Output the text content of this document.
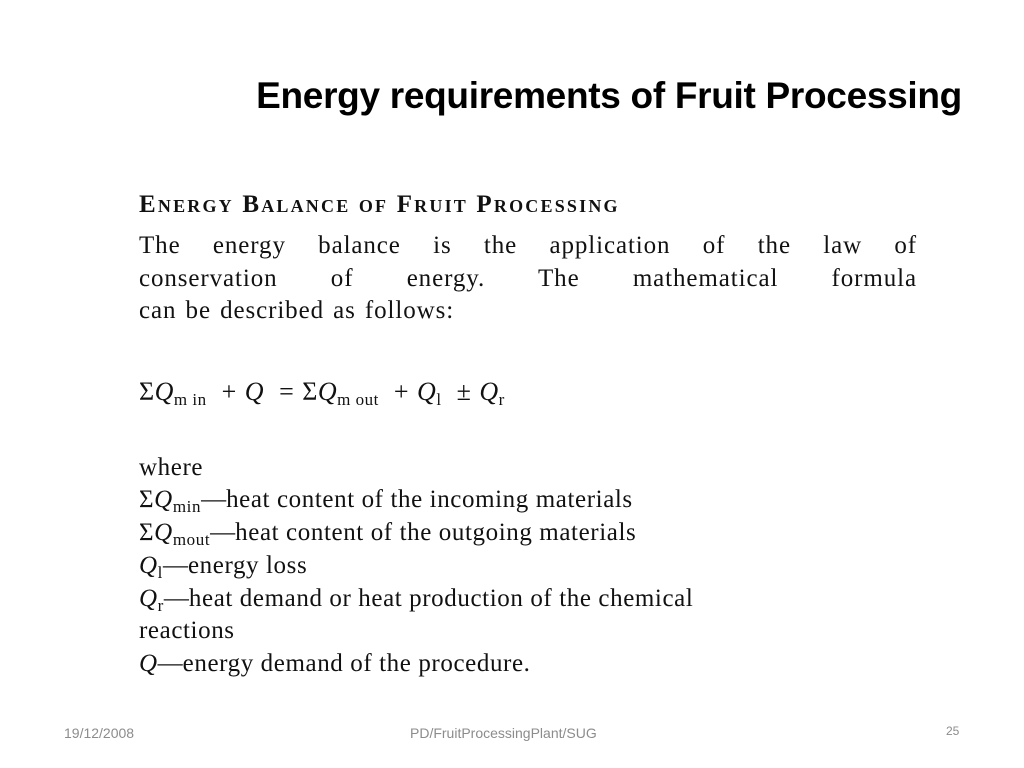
Energy requirements of Fruit Processing
Energy Balance of Fruit Processing

The energy balance is the application of the law of
conservation of energy. The mathematical formula
can be described as follows:

$\Sigma Q_{m in} + Q = \Sigma Q_{m out} + Q_l \pm Q_r$

where

$\Sigma Q_{min}—heat$ content of the incoming materials

$\Sigma Q_{mout}—heat$ content of the outgoing materials

$Q_l—energy$ loss

$Q_r—heat$ demand or heat production of the chemical

reactions

Q—energy demand of the procedure.

19/12/2008	PD/FruitProcessingPlant/SUG	25
